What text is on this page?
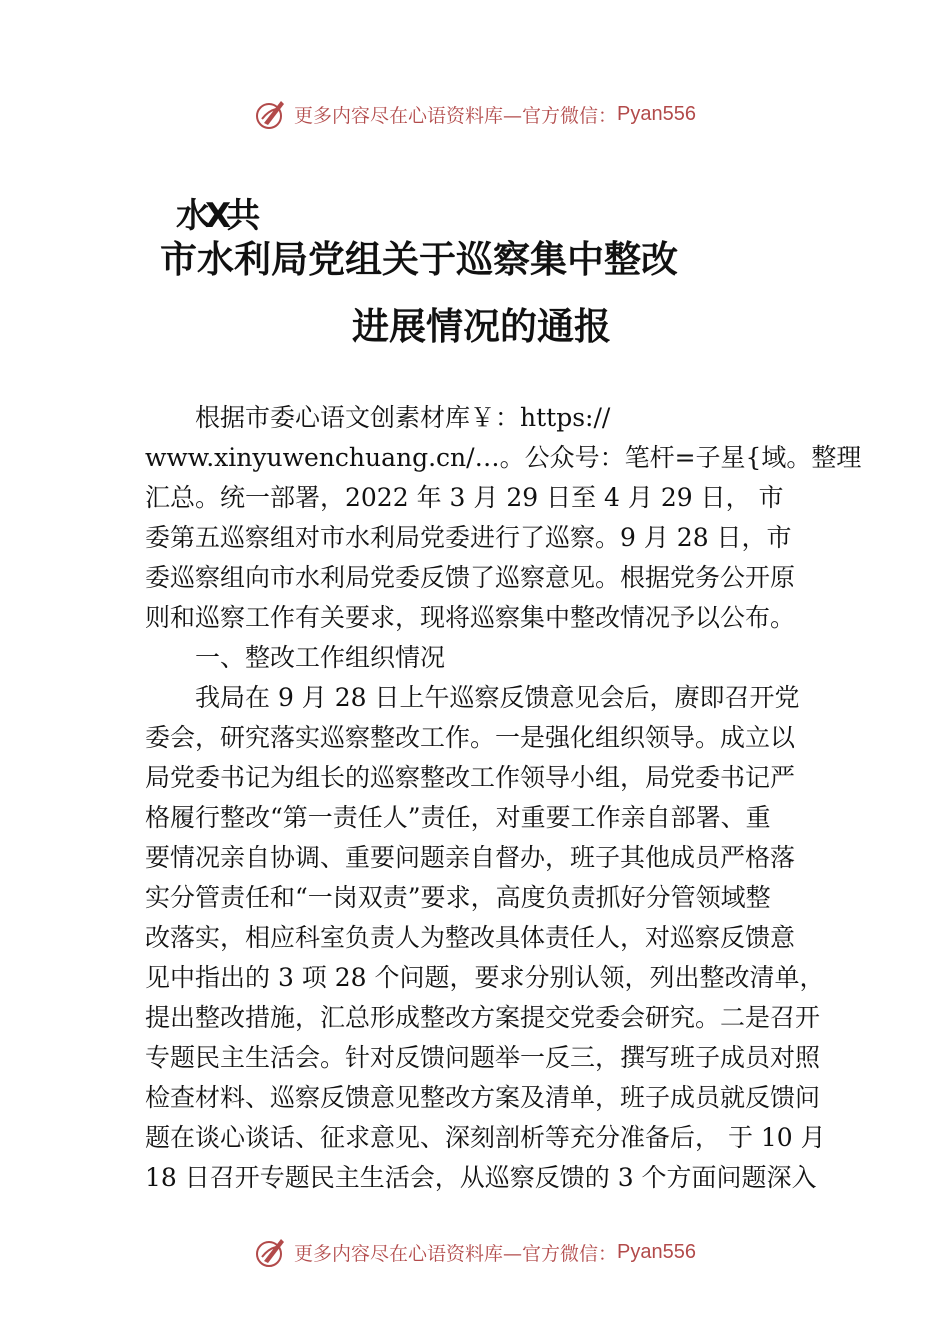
更多内容尽在心语资料库—官方微信： Pyan556
水X共
市水利局党组关于巡察集中整改
进展情况的通报
根据市委心语文创素材库￥：https://
www.xinyuwenchuang.cn/…。公众号：笔杆=子星{域。整理
汇总。统一部署，2022 年 3 月 29 日至 4 月 29 日， 市
委第五巡察组对市水利局党委进行了巡察。9 月 28 日，市
委巡察组向市水利局党委反馈了巡察意见。根据党务公开原
则和巡察工作有关要求，现将巡察集中整改情况予以公布。
一、整改工作组织情况
我局在 9 月 28 日上午巡察反馈意见会后，赓即召开党
委会，研究落实巡察整改工作。一是强化组织领导。成立以
局党委书记为组长的巡察整改工作领导小组，局党委书记严
格履行整改“第一责任人”责任，对重要工作亲自部署、重
要情况亲自协调、重要问题亲自督办，班子其他成员严格落
实分管责任和“一岗双责”要求，高度负责抓好分管领域整
改落实，相应科室负责人为整改具体责任人，对巡察反馈意
见中指出的 3 项 28 个问题，要求分别认领，列出整改清单，
提出整改措施，汇总形成整改方案提交党委会研究。二是召开
专题民主生活会。针对反馈问题举一反三，撰写班子成员对照
检查材料、巡察反馈意见整改方案及清单，班子成员就反馈问
题在谈心谈话、征求意见、深刻剖析等充分准备后， 于 10 月
18 日召开专题民主生活会，从巡察反馈的 3 个方面问题深入
更多内容尽在心语资料库—官方微信： Pyan556
